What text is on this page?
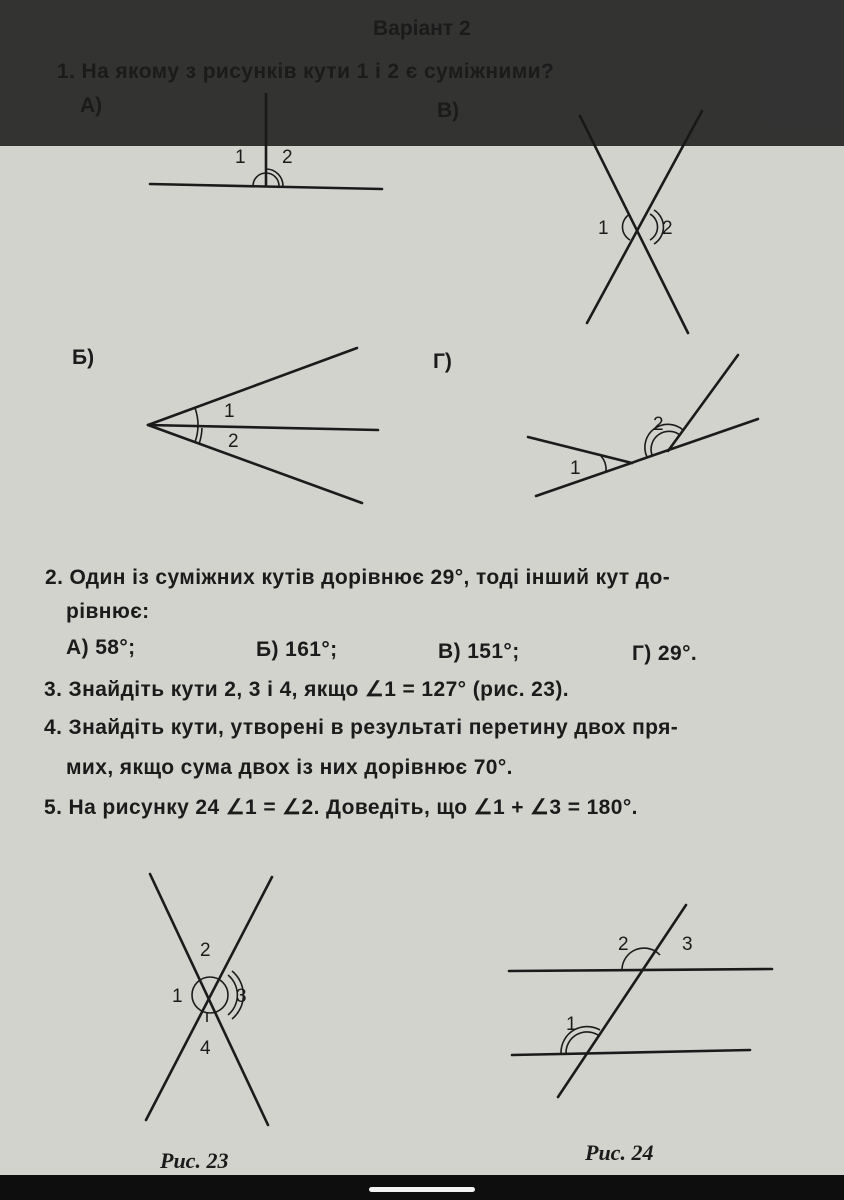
1 2
1	2
1
2
1
2
2
1	3
4
2	3
1
Б)	Г)
2. Один із суміжних кутів дорівнює 29°, тоді інший кут до-
рівнює:
А) 58°;	Б) 161°;	В) 151°;	Г) 29°.
3. Знайдіть кути 2, 3 і 4, якщо ∠1 = 127° (рис. 23).
4. Знайдіть кути, утворені в результаті перетину двох пря-
мих, якщо сума двох із них дорівнює 70°.
5. На рисунку 24 ∠1 = ∠2. Доведіть, що ∠1 + ∠3 = 180°.
Рис. 23	Рис. 24
